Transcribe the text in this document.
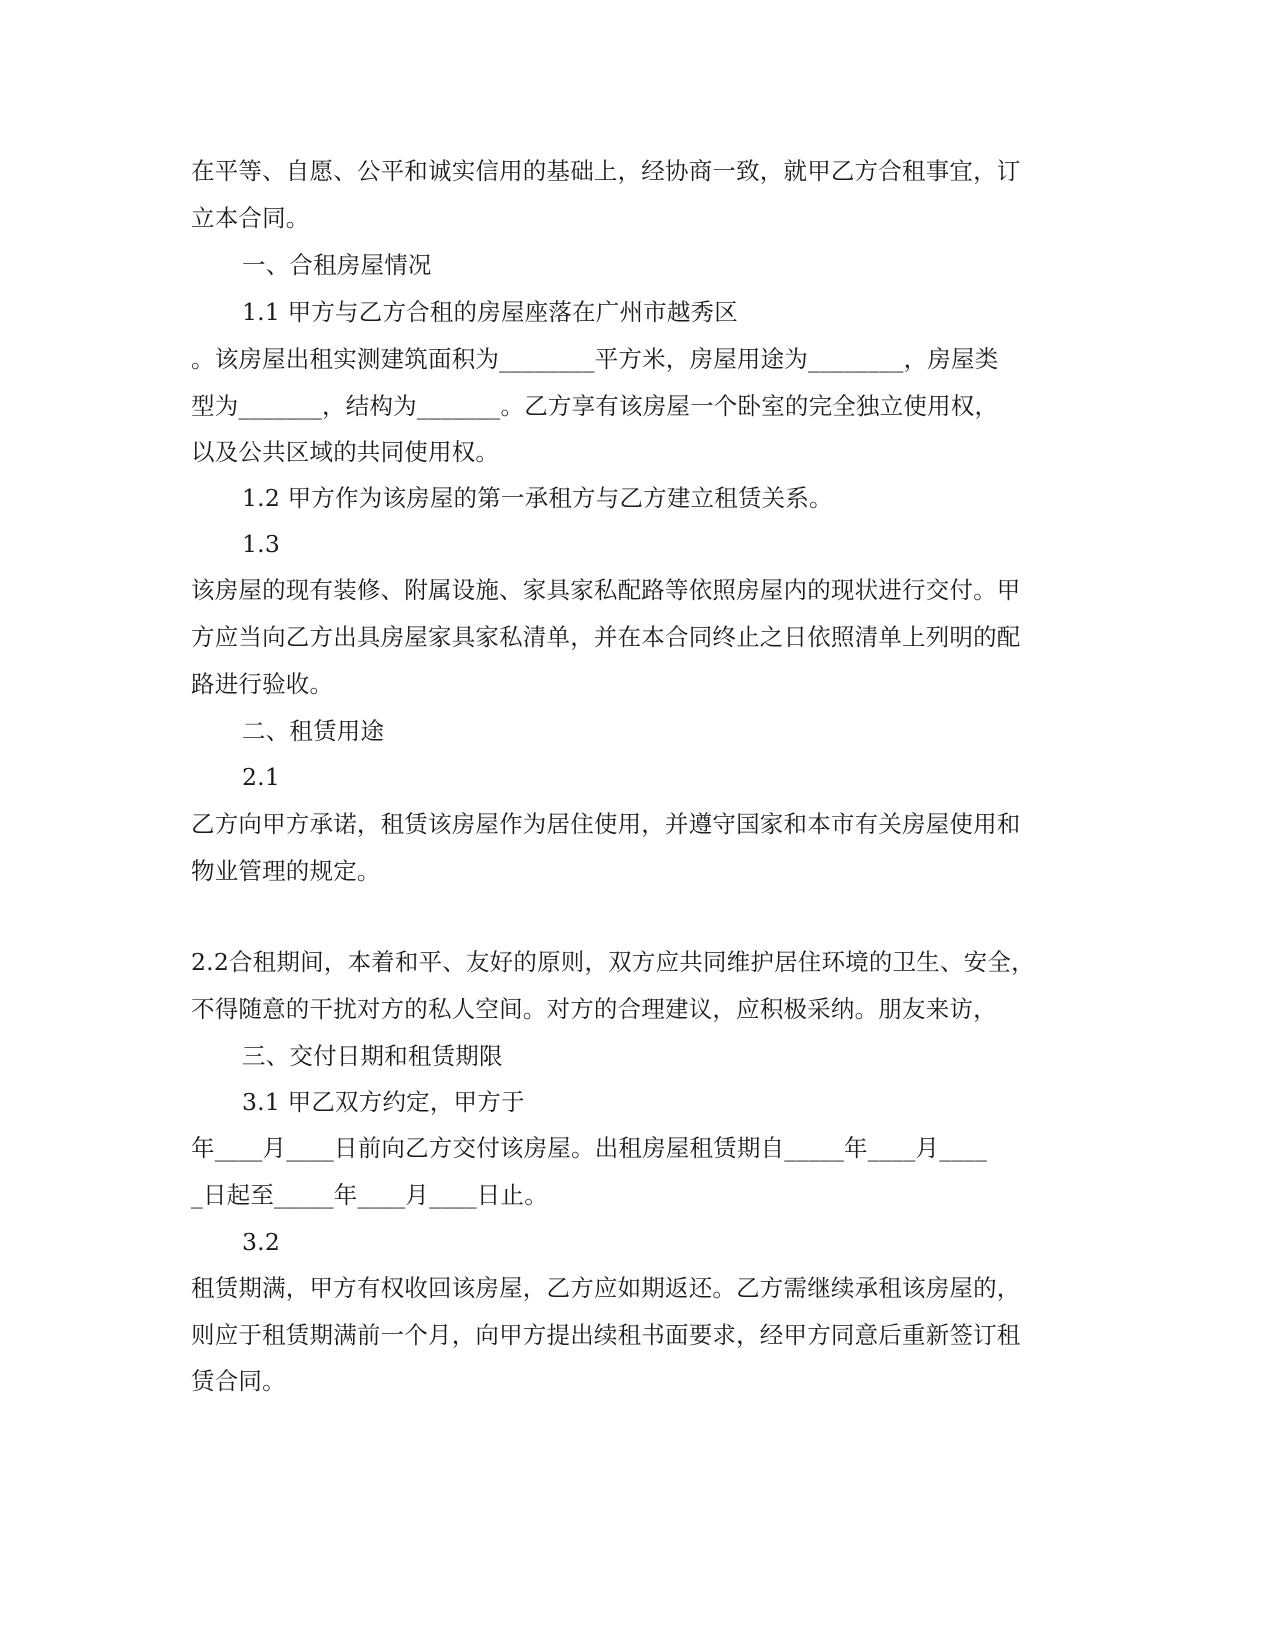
在平等、自愿、公平和诚实信用的基础上，经协商一致，就甲乙方合租事宜，订
立本合同。
一、合租房屋情况
1.1 甲方与乙方合租的房屋座落在广州市越秀区
。该房屋出租实测建筑面积为________平方米，房屋用途为________，房屋类
型为_______，结构为_______。乙方享有该房屋一个卧室的完全独立使用权，
以及公共区域的共同使用权。
1.2 甲方作为该房屋的第一承租方与乙方建立租赁关系。
1.3
该房屋的现有装修、附属设施、家具家私配路等依照房屋内的现状进行交付。甲
方应当向乙方出具房屋家具家私清单，并在本合同终止之日依照清单上列明的配
路进行验收。
二、租赁用途
2.1
乙方向甲方承诺，租赁该房屋作为居住使用，并遵守国家和本市有关房屋使用和
物业管理的规定。
2.2合租期间，本着和平、友好的原则，双方应共同维护居住环境的卫生、安全，
不得随意的干扰对方的私人空间。对方的合理建议，应积极采纳。朋友来访，
三、交付日期和租赁期限
3.1 甲乙双方约定，甲方于
年____月____日前向乙方交付该房屋。出租房屋租赁期自_____年____月____
_日起至_____年____月____日止。
3.2
租赁期满，甲方有权收回该房屋，乙方应如期返还。乙方需继续承租该房屋的，
则应于租赁期满前一个月，向甲方提出续租书面要求，经甲方同意后重新签订租
赁合同。
